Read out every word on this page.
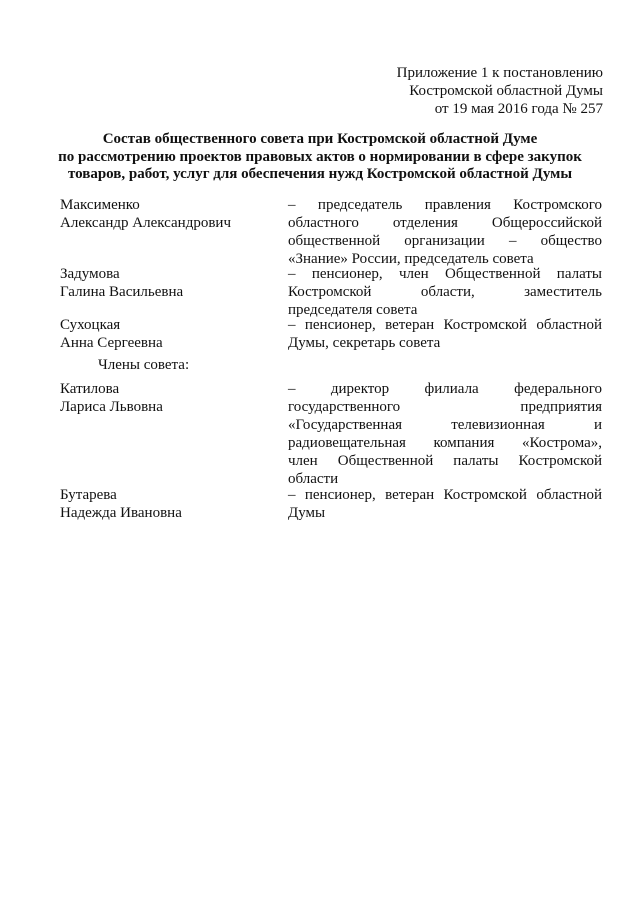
Приложение 1 к постановлению
Костромской областной Думы
от 19 мая 2016 года № 257
Состав общественного совета при Костромской областной Думе
по рассмотрению проектов правовых актов о нормировании в сфере закупок
товаров, работ, услуг для обеспечения нужд Костромской областной Думы
Максименко
Александр Александрович
– председатель правления Костромского
областного отделения Общероссийской
общественной организации – общество
«Знание» России, председатель совета
Задумова
Галина Васильевна
– пенсионер, член Общественной палаты
Костромской области, заместитель
председателя совета
Сухоцкая
Анна Сергеевна
– пенсионер, ветеран Костромской областной
Думы, секретарь совета
Члены совета:
Катилова
Лариса Львовна
– директор филиала федерального
государственного предприятия
«Государственная телевизионная и
радиовещательная компания «Кострома»,
член Общественной палаты Костромской
области
Бутарева
Надежда Ивановна
– пенсионер, ветеран Костромской областной
Думы
